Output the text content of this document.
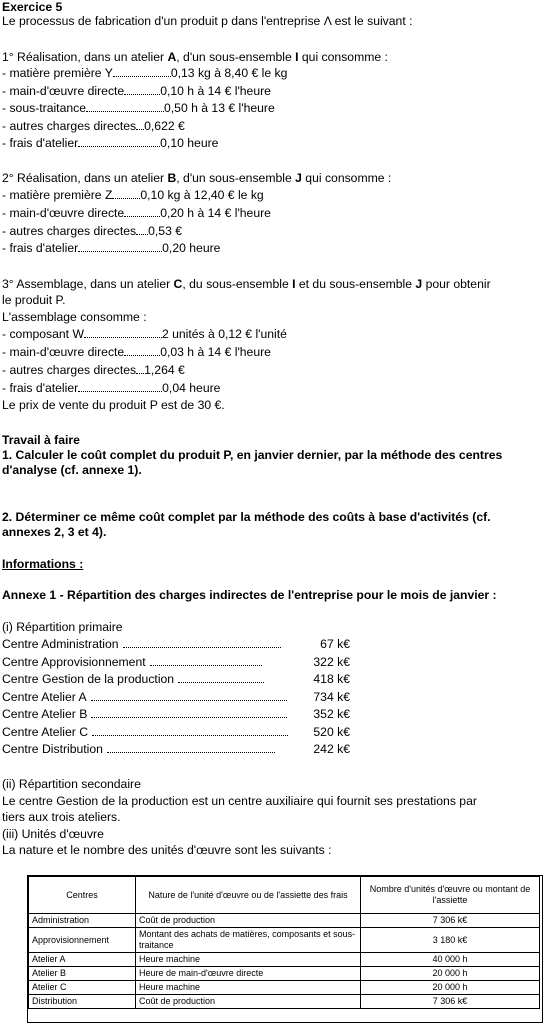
Exercice 5
Le processus de fabrication d'un produit p dans l'entreprise Λ est le suivant :
1° Réalisation, dans un atelier A, d'un sous-ensemble I qui consomme :
- matière première Y	0,13 kg à 8,40 € le kg
- main-d'œuvre directe	0,10 h à 14 € l'heure
- sous-traitance	0,50 h à 13 € l'heure
- autres charges directes 0,622 €
- frais d'atelier	0,10 heure
2° Réalisation, dans un atelier B, d'un sous-ensemble J qui consomme :
- matière première Z 0,10 kg à 12,40 € le kg
- main-d'œuvre directe	0,20 h à 14 € l'heure
- autres charges directes 0,53 €
- frais d'atelier	0,20 heure
3° Assemblage, dans un atelier C, du sous-ensemble I et du sous-ensemble J pour obtenir
le produit P.
L'assemblage consomme :
- composant W	2 unités à 0,12 € l'unité
- main-d'œuvre directe	0,03 h à 14 € l'heure
- autres charges directes 1,264 €
- frais d'atelier	0,04 heure
Le prix de vente du produit P est de 30 €.
Travail à faire
1. Calculer le coût complet du produit P, en janvier dernier, par la méthode des centres
d'analyse (cf. annexe 1).
2. Déterminer ce même coût complet par la méthode des coûts à base d'activités (cf.
annexes 2, 3 et 4).
Informations :
Annexe 1 - Répartition des charges indirectes de l'entreprise pour le mois de janvier :
(i) Répartition primaire
Centre Administration	67 k€
Centre Approvisionnement	322 k€
Centre Gestion de la production	418 k€
Centre Atelier A	734 k€
Centre Atelier B	352 k€
Centre Atelier C	520 k€
Centre Distribution	242 k€
(ii) Répartition secondaire
Le centre Gestion de la production est un centre auxiliaire qui fournit ses prestations par
tiers aux trois ateliers.
(iii) Unités d'œuvre
La nature et le nombre des unités d'œuvre sont les suivants :
Centres	Nature de l'unité d'œuvre ou de l'assiette des frais	Nombre d'unités d'œuvre ou montant de l'assiette
Administration	Coût de production	7 306 k€
Approvisionnement	Montant des achats de matières, composants et sous-traitance	3 180 k€
Atelier A	Heure machine	40 000 h
Atelier B	Heure de main-d'œuvre directe	20 000 h
Atelier C	Heure machine	20 000 h
Distribution	Coût de production	7 306 k€
